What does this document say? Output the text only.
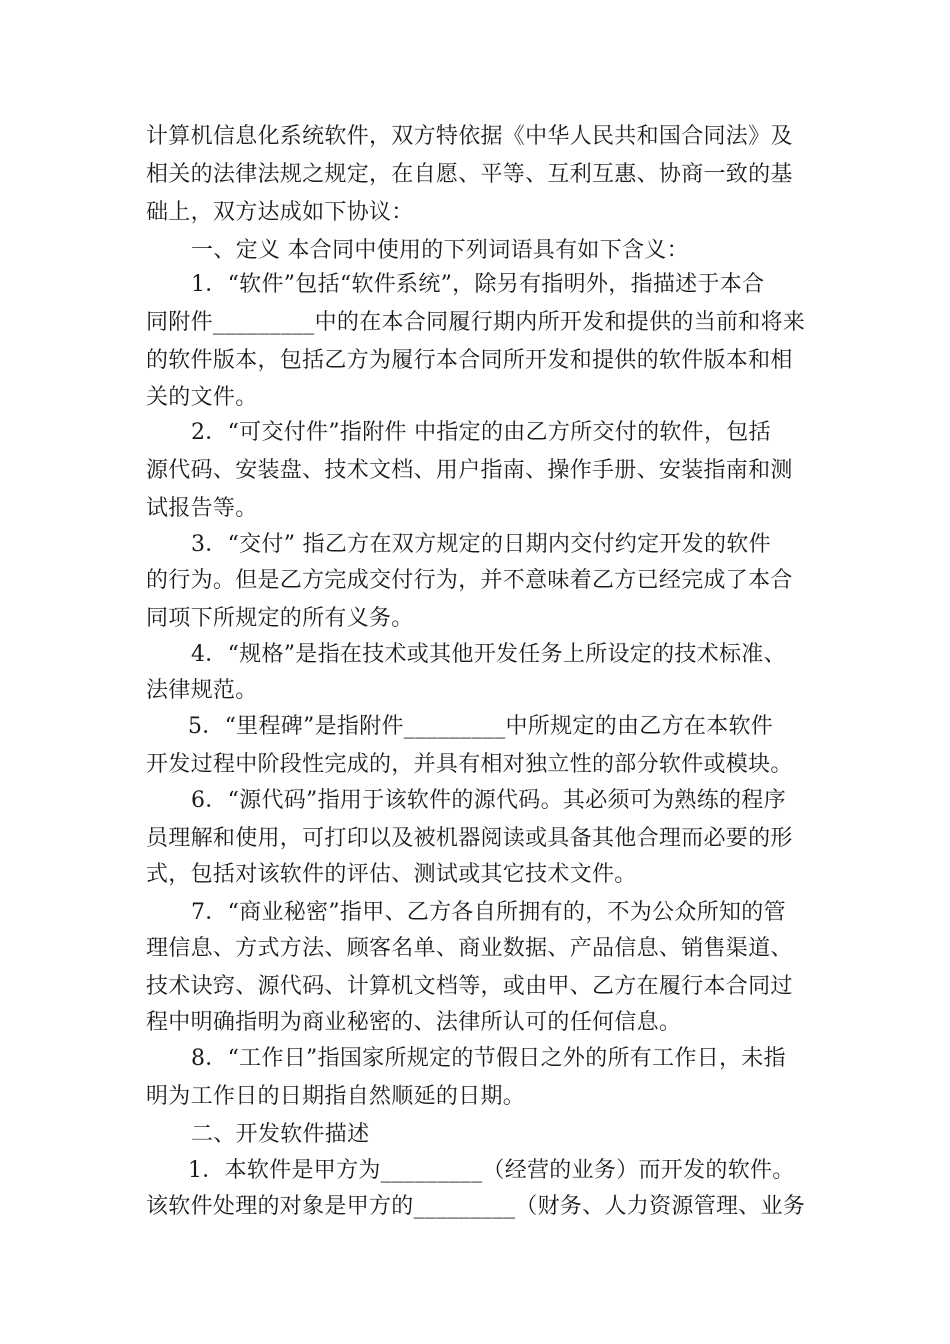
计算机信息化系统软件，双方特依据《中华人民共和国合同法》及
相关的法律法规之规定，在自愿、平等、互利互惠、协商一致的基
础上，双方达成如下协议：
一、定义 本合同中使用的下列词语具有如下含义：
1．“软件”包括“软件系统”，除另有指明外，指描述于本合
同附件_________中的在本合同履行期内所开发和提供的当前和将来
的软件版本，包括乙方为履行本合同所开发和提供的软件版本和相
关的文件。
2．“可交付件”指附件 中指定的由乙方所交付的软件，包括
源代码、安装盘、技术文档、用户指南、操作手册、安装指南和测
试报告等。
3．“交付” 指乙方在双方规定的日期内交付约定开发的软件
的行为。但是乙方完成交付行为，并不意味着乙方已经完成了本合
同项下所规定的所有义务。
4．“规格”是指在技术或其他开发任务上所设定的技术标准、
法律规范。
5．“里程碑”是指附件_________中所规定的由乙方在本软件
开发过程中阶段性完成的，并具有相对独立性的部分软件或模块。
6．“源代码”指用于该软件的源代码。其必须可为熟练的程序
员理解和使用，可打印以及被机器阅读或具备其他合理而必要的形
式，包括对该软件的评估、测试或其它技术文件。
7．“商业秘密”指甲、乙方各自所拥有的，不为公众所知的管
理信息、方式方法、顾客名单、商业数据、产品信息、销售渠道、
技术诀窍、源代码、计算机文档等，或由甲、乙方在履行本合同过
程中明确指明为商业秘密的、法律所认可的任何信息。
8．“工作日”指国家所规定的节假日之外的所有工作日，未指
明为工作日的日期指自然顺延的日期。
二、开发软件描述
1．本软件是甲方为_________（经营的业务）而开发的软件。
该软件处理的对象是甲方的_________（财务、人力资源管理、业务
